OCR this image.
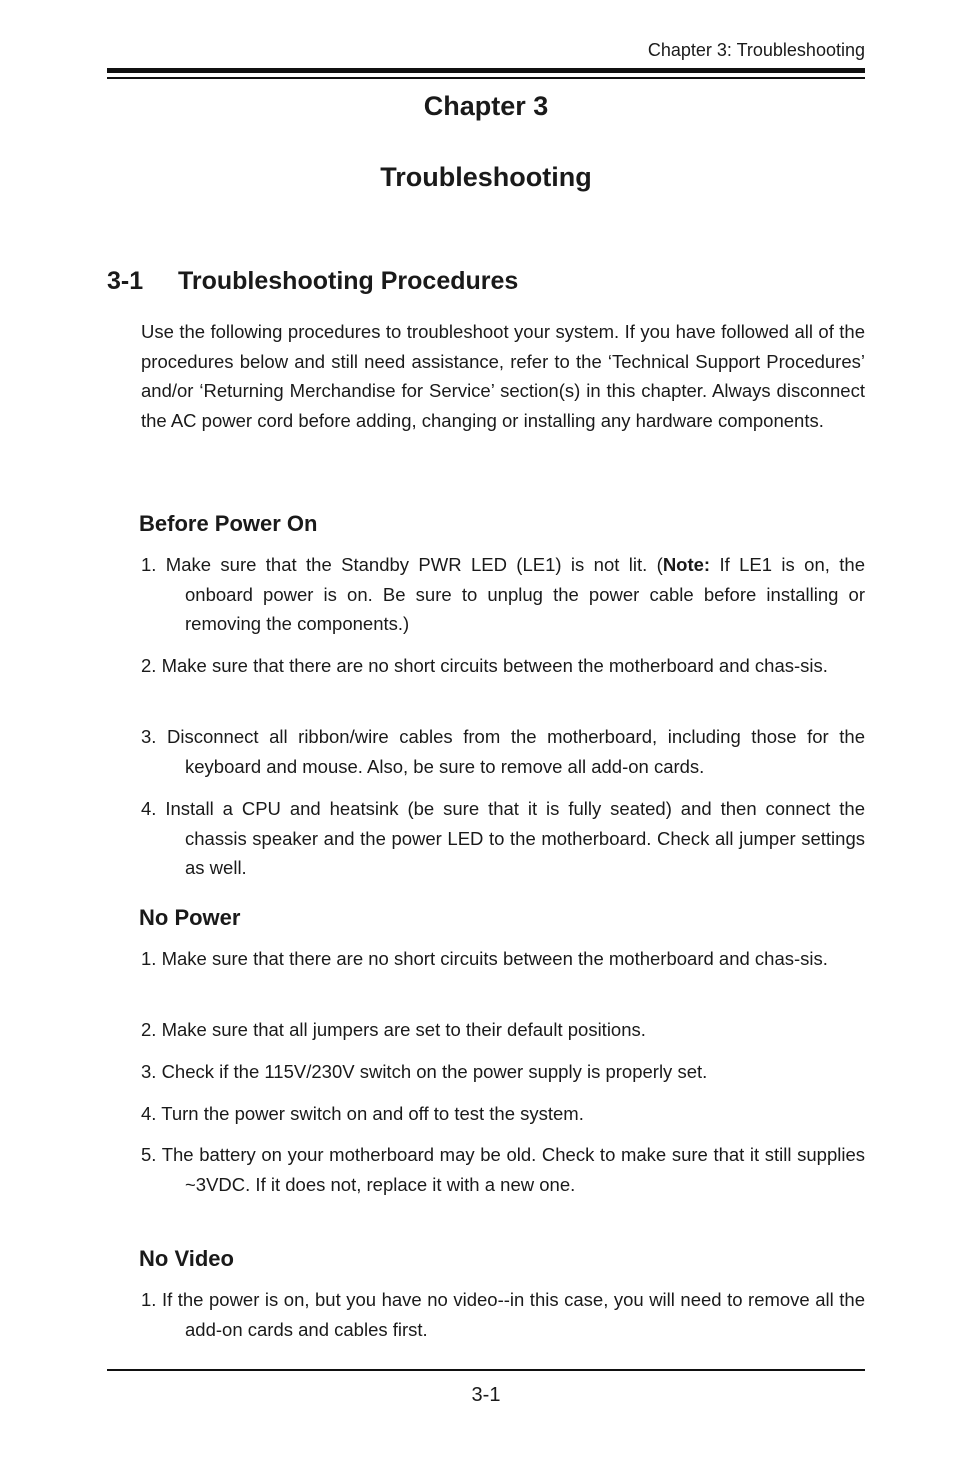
Chapter 3: Troubleshooting
Chapter 3
Troubleshooting
3-1 Troubleshooting Procedures

Use the following procedures to troubleshoot your system. If you have followed all of the procedures below and still need assistance, refer to the ‘Technical Support Procedures’ and/or ‘Returning Merchandise for Service’ section(s) in this chapter. Always disconnect the AC power cord before adding, changing or installing any hardware components.

Before Power On

1. Make sure that the Standby PWR LED (LE1) is not lit. (Note: If LE1 is on, the onboard power is on. Be sure to unplug the power cable before installing or removing the components.)

2. Make sure that there are no short circuits between the motherboard and chas-sis.

3. Disconnect all ribbon/wire cables from the motherboard, including those for the keyboard and mouse. Also, be sure to remove all add-on cards.

4. Install a CPU and heatsink (be sure that it is fully seated) and then connect the chassis speaker and the power LED to the motherboard. Check all jumper settings as well.

No Power

1. Make sure that there are no short circuits between the motherboard and chas-sis.

2. Make sure that all jumpers are set to their default positions.

3. Check if the 115V/230V switch on the power supply is properly set.

4. Turn the power switch on and off to test the system.

5. The battery on your motherboard may be old. Check to make sure that it still supplies ~3VDC. If it does not, replace it with a new one.

No Video

1. If the power is on, but you have no video--in this case, you will need to remove all the add-on cards and cables first.

3-1
